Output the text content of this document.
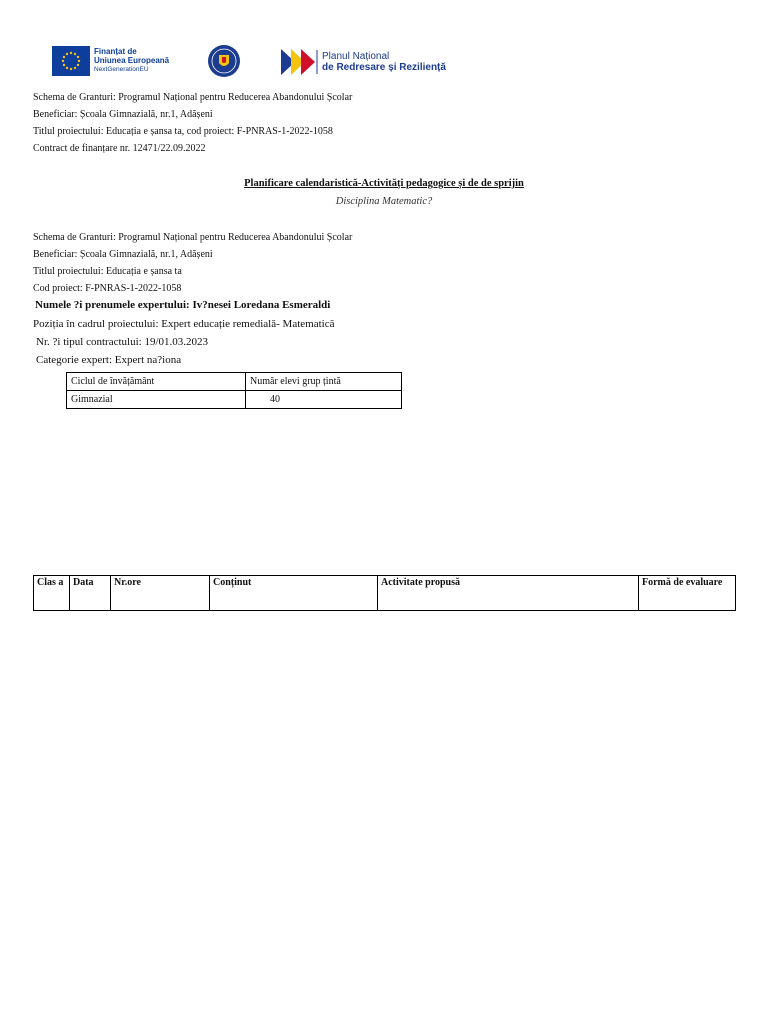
Finanțat de
Uniunea Europeană
NextGenerationEU
Planul Național
de Redresare și Reziliență
Schema de Granturi: Programul Național pentru Reducerea Abandonului Școlar
Beneficiar: Școala Gimnazială, nr.1, Adășeni
Titlul proiectului: Educația e șansa ta, cod proiect: F-PNRAS-1-2022-1058
Contract de finanțare nr. 12471/22.09.2022
Planificare calendaristică-Activități pedagogice și de de sprijin
Disciplina Matematic?
Schema de Granturi: Programul Național pentru Reducerea Abandonului Școlar
Beneficiar: Școala Gimnazială, nr.1, Adășeni
Titlul proiectului: Educația e șansa ta
Cod proiect: F-PNRAS-1-2022-1058
Numele ?i prenumele expertului: Iv?nesei Loredana Esmeraldi
Poziția în cadrul proiectului: Expert educație remedială- Matematică
Nr. ?i tipul contractului: 19/01.03.2023
Categorie expert: Expert na?iona
Ciclul de învățământ	Număr elevi grup țintă
Gimnazial	40
Clas a	Data	Nr.ore	Conținut	Activitate propusă	Formă de evaluare
